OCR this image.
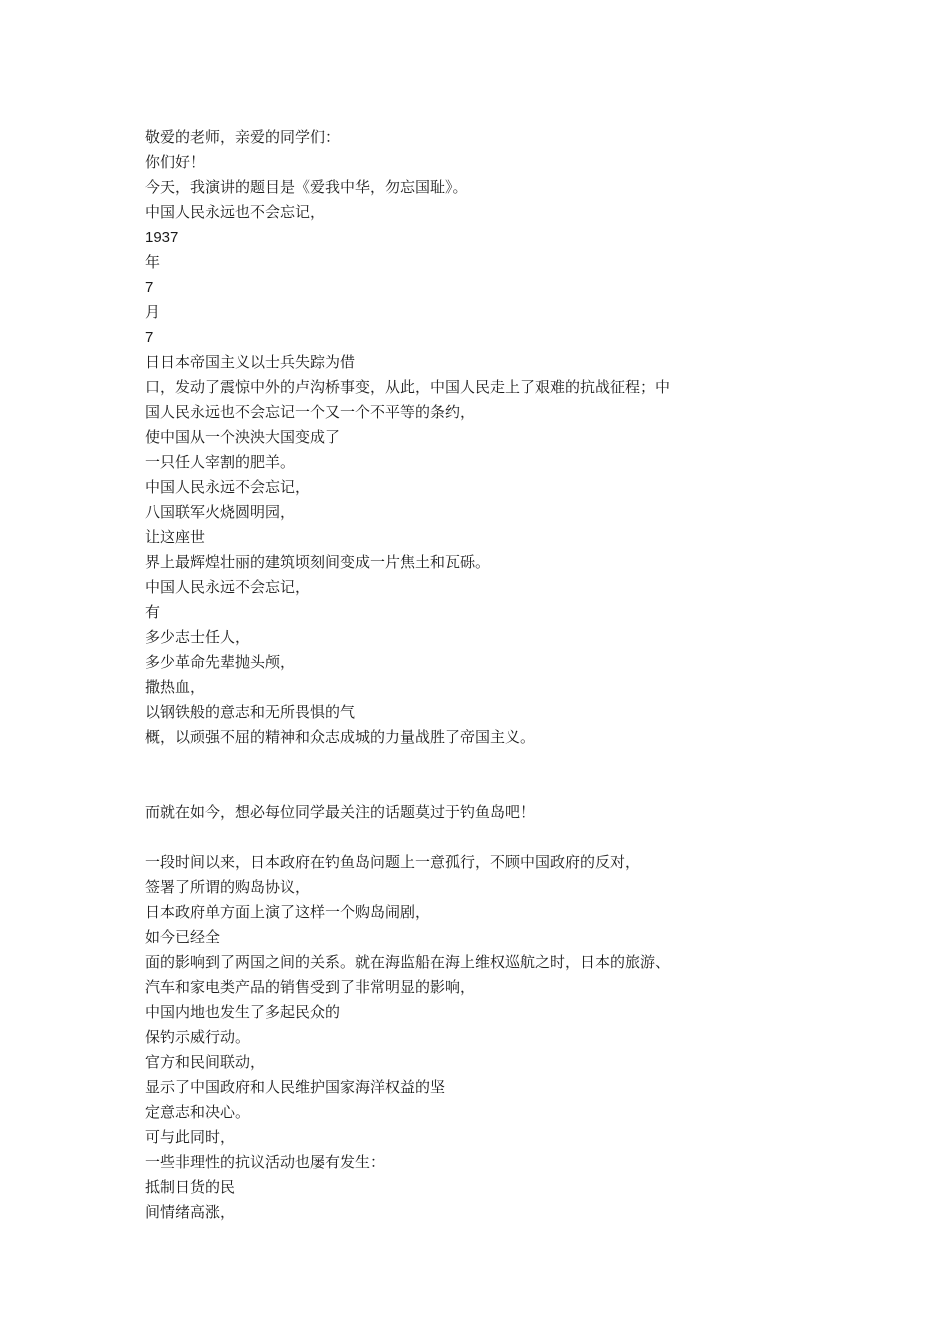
敬爱的老师，亲爱的同学们：
你们好！
今天，我演讲的题目是《爱我中华，勿忘国耻》。
中国人民永远也不会忘记，
1937
年
7
月
7
日日本帝国主义以士兵失踪为借
口，发动了震惊中外的卢沟桥事变，从此，中国人民走上了艰难的抗战征程；中
国人民永远也不会忘记一个又一个不平等的条约，
使中国从一个泱泱大国变成了
一只任人宰割的肥羊。
中国人民永远不会忘记，
八国联军火烧圆明园，
让这座世
界上最辉煌壮丽的建筑顷刻间变成一片焦土和瓦砾。
中国人民永远不会忘记，
有
多少志士任人，
多少革命先辈抛头颅，
撒热血，
以钢铁般的意志和无所畏惧的气
概，以顽强不屈的精神和众志成城的力量战胜了帝国主义。
而就在如今，想必每位同学最关注的话题莫过于钓鱼岛吧！
一段时间以来，日本政府在钓鱼岛问题上一意孤行，不顾中国政府的反对，
签署了所谓的购岛协议，
日本政府单方面上演了这样一个购岛闹剧，
如今已经全
面的影响到了两国之间的关系。就在海监船在海上维权巡航之时，日本的旅游、
汽车和家电类产品的销售受到了非常明显的影响，
中国内地也发生了多起民众的
保钓示威行动。
官方和民间联动，
显示了中国政府和人民维护国家海洋权益的坚
定意志和决心。
可与此同时，
一些非理性的抗议活动也屡有发生：
抵制日货的民
间情绪高涨，
